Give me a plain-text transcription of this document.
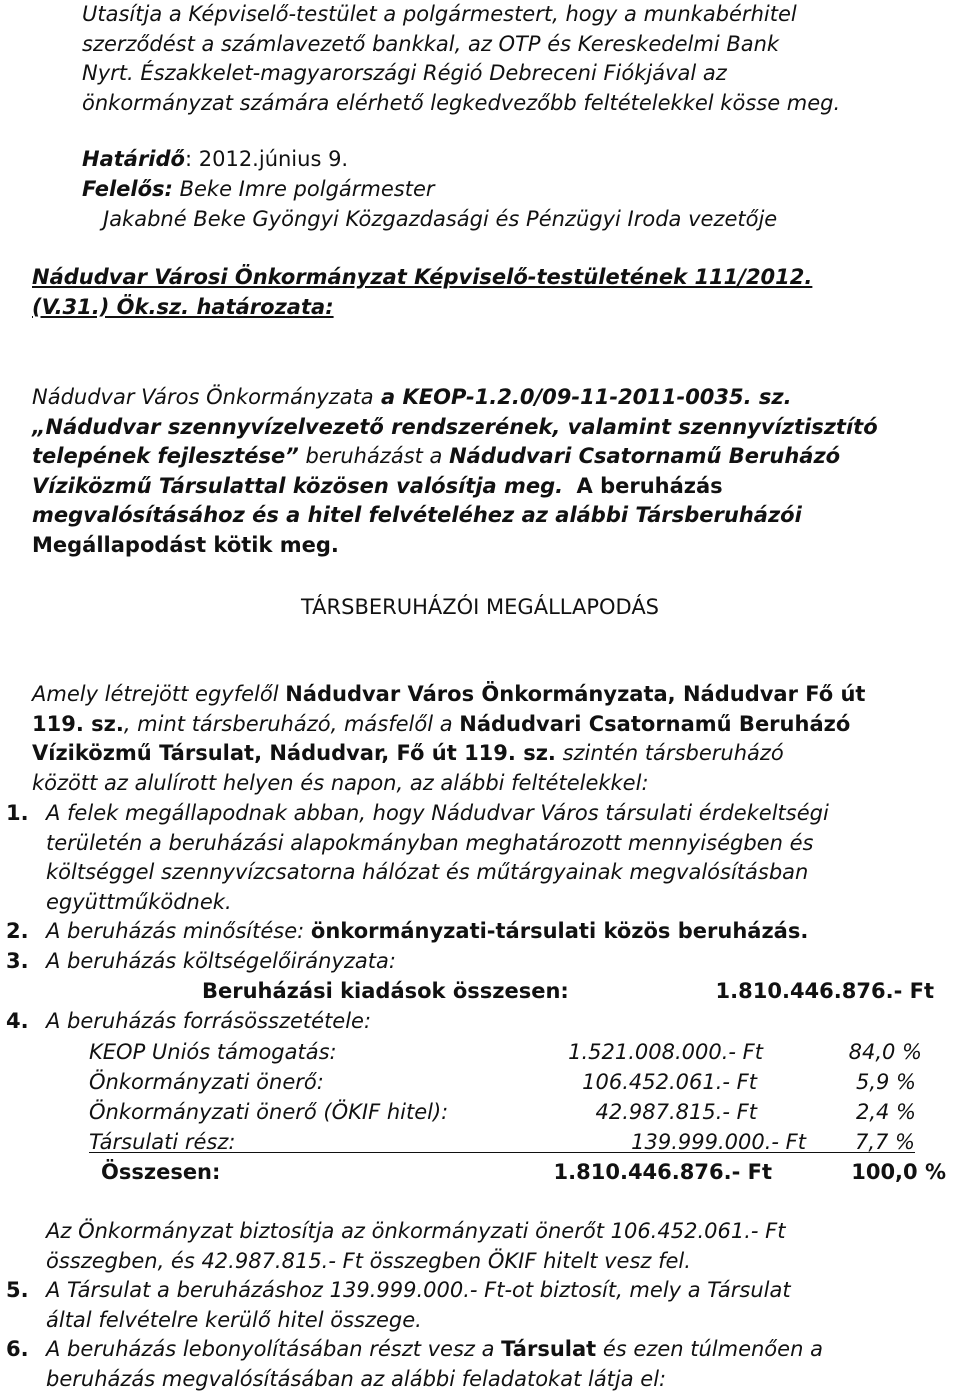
Utasítja a Képviselő-testület a polgármestert, hogy a munkabérhitel
szerződést a számlavezető bankkal, az OTP és Kereskedelmi Bank
Nyrt. Északkelet-magyarországi Régió Debreceni Fiókjával az
önkormányzat számára elérhető legkedvezőbb feltételekkel kösse meg.
Határidő: 2012.június 9.
Felelős: Beke Imre polgármester
Jakabné Beke Gyöngyi Közgazdasági és Pénzügyi Iroda vezetője
Nádudvar Városi Önkormányzat Képviselő-testületének 111/2012.
(V.31.) Ök.sz. határozata:
Nádudvar Város Önkormányzata a KEOP-1.2.0/09-11-2011-0035. sz.
„Nádudvar szennyvízelvezető rendszerének, valamint szennyvíztisztító
telepének fejlesztése” beruházást a Nádudvari Csatornamű Beruházó
Víziközmű Társulattal közösen valósítja meg. A beruházás
megvalósításához és a hitel felvételéhez az alábbi Társberuházói
Megállapodást kötik meg.
TÁRSBERUHÁZÓI MEGÁLLAPODÁS
Amely létrejött egyfelől Nádudvar Város Önkormányzata, Nádudvar Fő út
119. sz., mint társberuházó, másfelől a Nádudvari Csatornamű Beruházó
Víziközmű Társulat, Nádudvar, Fő út 119. sz. szintén társberuházó
között az alulírott helyen és napon, az alábbi feltételekkel:
1. A felek megállapodnak abban, hogy Nádudvar Város társulati érdekeltségi
területén a beruházási alapokmányban meghatározott mennyiségben és
költséggel szennyvízcsatorna hálózat és műtárgyainak megvalósításban
együttműködnek.
2. A beruházás minősítése: önkormányzati-társulati közös beruházás.
3. A beruházás költségelőirányzata:
Beruházási kiadások összesen:	1.810.446.876.- Ft
4. A beruházás forrásösszetétele:
KEOP Uniós támogatás:	1.521.008.000.- Ft	84,0 %
Önkormányzati önerő:	106.452.061.- Ft	5,9 %
Önkormányzati önerő (ÖKIF hitel):	42.987.815.- Ft	2,4 %
Társulati rész:	139.999.000.- Ft 7,7 %
Összesen:	1.810.446.876.- Ft	100,0 %
Az Önkormányzat biztosítja az önkormányzati önerőt 106.452.061.- Ft
összegben, és 42.987.815.- Ft összegben ÖKIF hitelt vesz fel.
5. A Társulat a beruházáshoz 139.999.000.- Ft-ot biztosít, mely a Társulat
által felvételre kerülő hitel összege.
6. A beruházás lebonyolításában részt vesz a Társulat és ezen túlmenően a
beruházás megvalósításában az alábbi feladatokat látja el:
